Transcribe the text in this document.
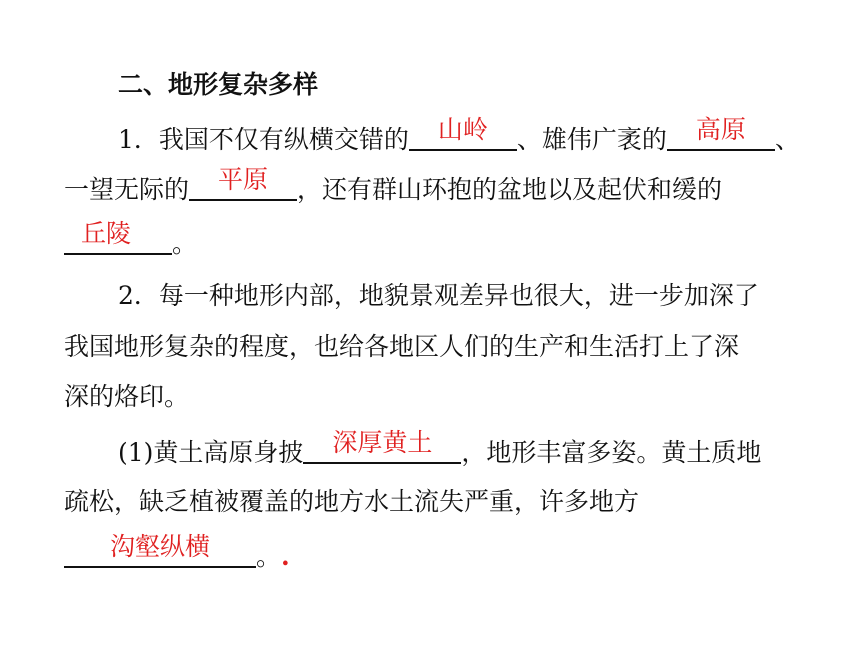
二、地形复杂多样
1．我国不仅有纵横交错的	山岭	、雄伟广袤的	高原	、
一望无际的	平原	，还有群山环抱的盆地以及起伏和缓的
丘陵	。
2．每一种地形内部，地貌景观差异也很大，进一步加深了
我国地形复杂的程度，也给各地区人们的生产和生活打上了深
深的烙印。
(1)黄土高原身披	深厚黄土	，地形丰富多姿。黄土质地
疏松，缺乏植被覆盖的地方水土流失严重，许多地方
沟壑纵横	。.
